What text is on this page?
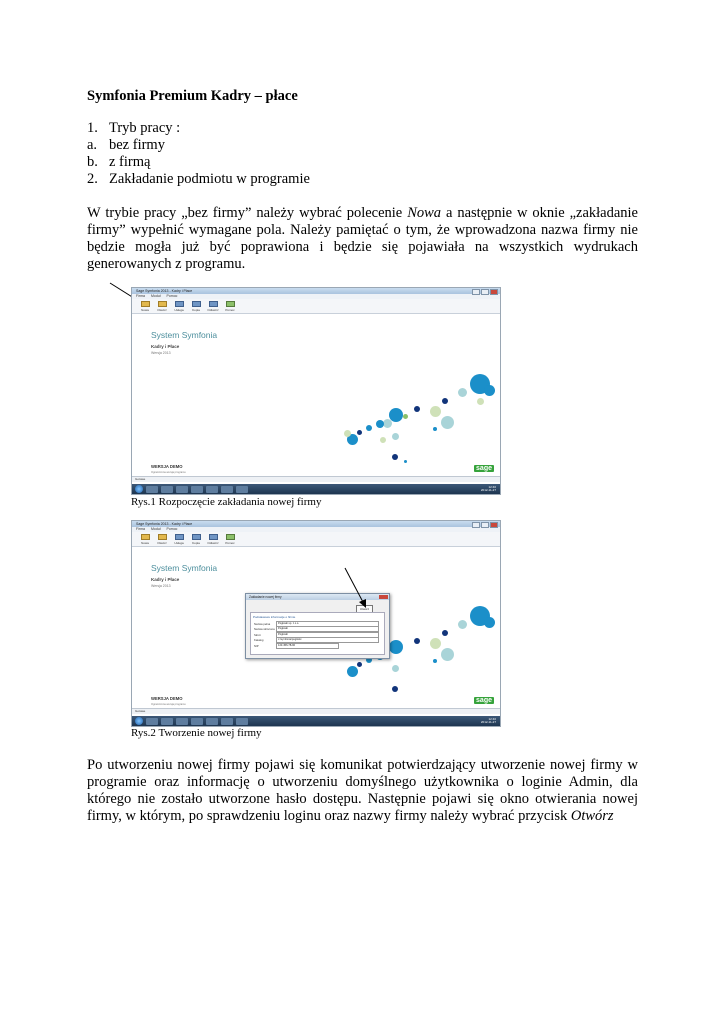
Symfonia Premium Kadry – płace
1. Tryb pracy :
a. bez firmy
b. z firmą
2. Zakładanie podmiotu w programie
W trybie pracy „bez firmy” należy wybrać polecenie Nowa a następnie w oknie „zakładanie firmy” wypełnić wymagane pola. Należy pamiętać o tym, że wprowadzona nazwa firmy nie będzie mogła już być poprawiona i będzie się pojawiała na wszystkich wydrukach generowanych z programu.
Sage Symfonia 2013 - Kadry i Płace
Firma Moduł Pomoc
Nowa	Otwórz	Usługa	Kopia	Odtwórz Pomoc
System Symfonia
Kadry i Płace
Wersja 2013
WERSJA DEMO
Ograniczona wersja programu
sage
Gotowe
12:40
2012-11-27
Rys.1 Rozpoczęcie zakładania nowej firmy
Sage Symfonia 2013 - Kadry i Płace
Firma Moduł Pomoc
Nowa	Otwórz	Usługa	Kopia	Odtwórz Pomoc
System Symfonia
Kadry i Płace
Wersja 2013
WERSJA DEMO
Ograniczona wersja programu
sage
Gotowe
Zakładanie nowej firmy
Utwórz
Podstawowe informacje o firmie
Nazwa pełna	Pogłoski sp. z o.o.
Nazwa skrócona	Pogłoski
Skrót	Pogłoski
Katalog	c:\symfonia\pogloski
NIP	123-456-78-90
12:40
2012-11-27
Rys.2 Tworzenie nowej firmy
Po utworzeniu nowej firmy pojawi się komunikat potwierdzający utworzenie nowej firmy w programie oraz informację o utworzeniu domyślnego użytkownika o loginie Admin, dla którego nie zostało utworzone hasło dostępu. Następnie pojawi się okno otwierania nowej firmy, w którym, po sprawdzeniu loginu oraz nazwy firmy należy wybrać przycisk Otwórz
